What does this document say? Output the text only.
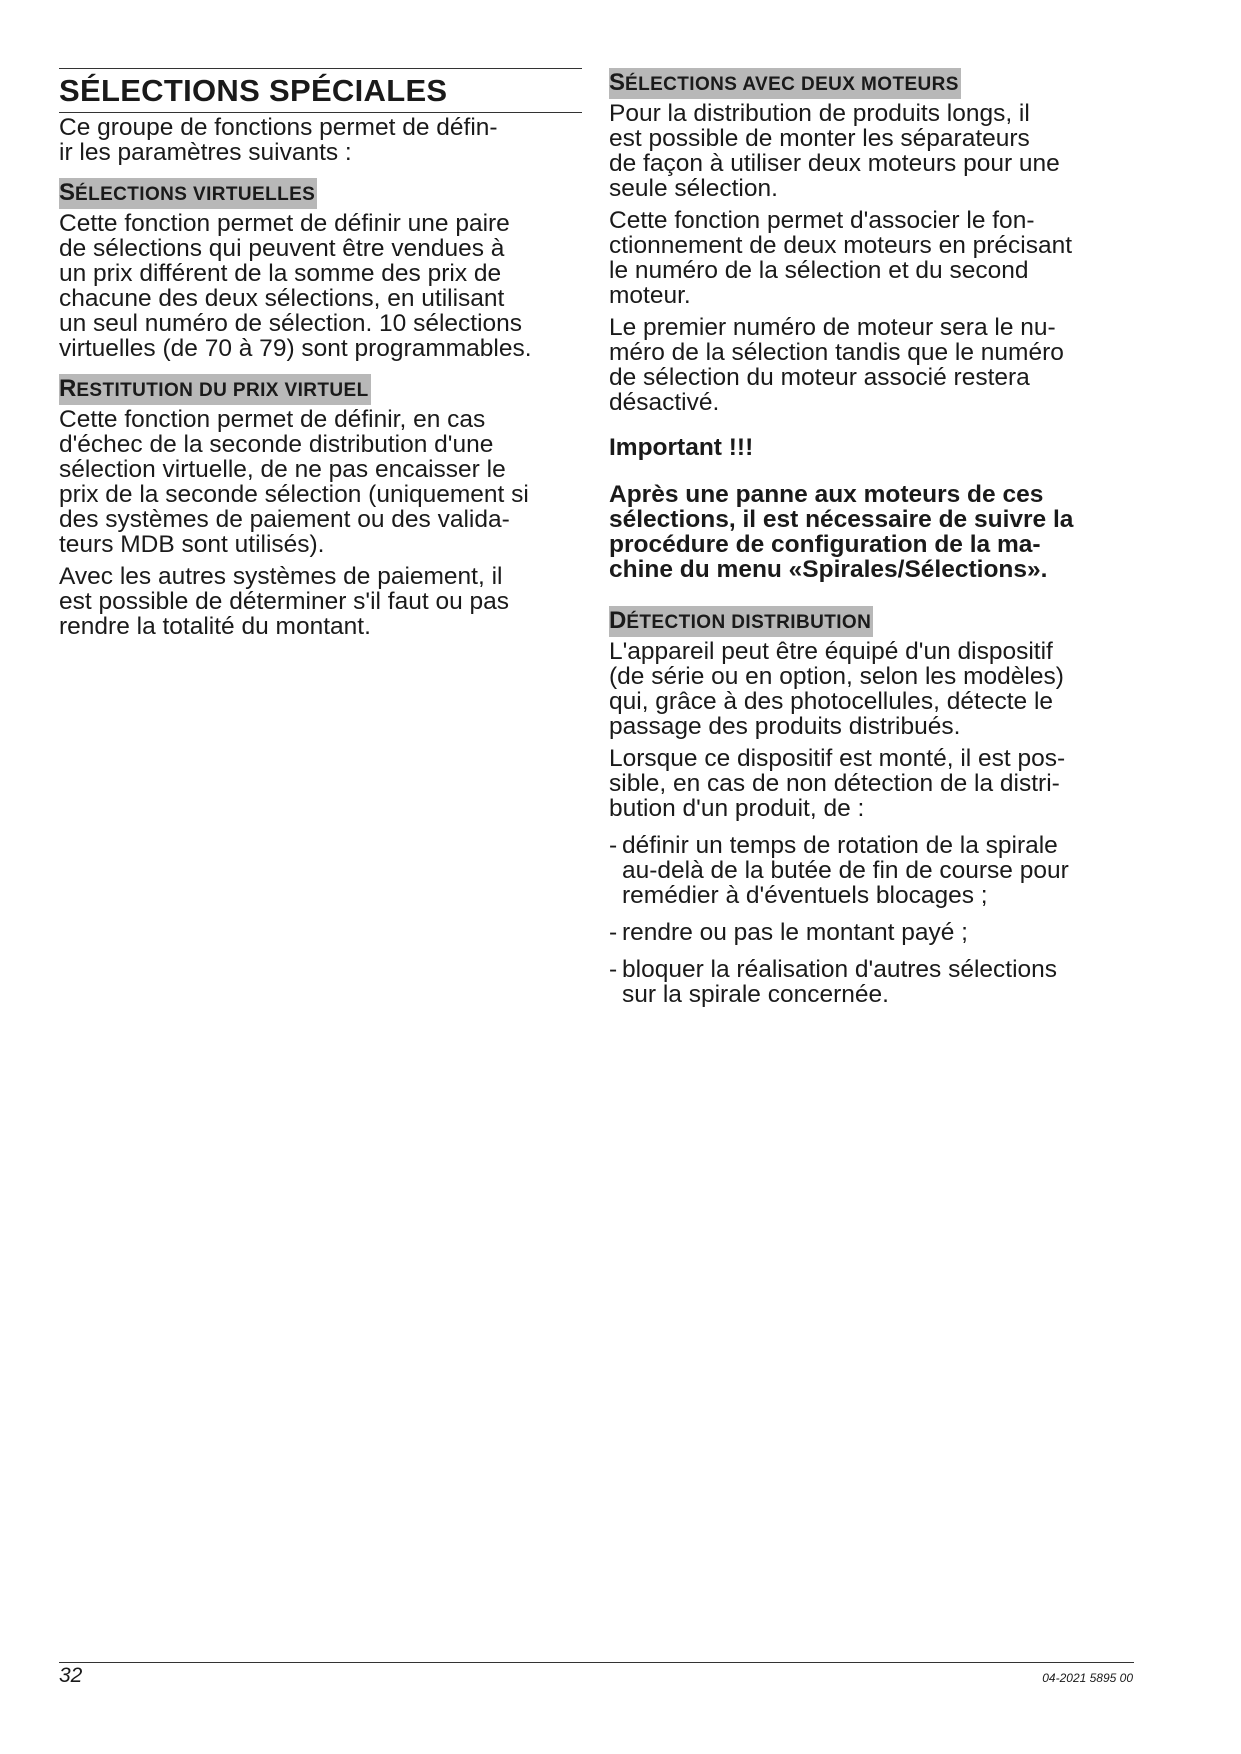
SÉLECTIONS SPÉCIALES
Ce groupe de fonctions permet de défin-
ir les paramètres suivants :
SÉLECTIONS VIRTUELLES
Cette fonction permet de définir une paire
de sélections qui peuvent être vendues à
un prix différent de la somme des prix de
chacune des deux sélections, en utilisant
un seul numéro de sélection. 10 sélections
virtuelles (de 70 à 79) sont programmables.
RESTITUTION DU PRIX VIRTUEL
Cette fonction permet de définir, en cas
d'échec de la seconde distribution d'une
sélection virtuelle, de ne pas encaisser le
prix de la seconde sélection (uniquement si
des systèmes de paiement ou des valida-
teurs MDB sont utilisés).
Avec les autres systèmes de paiement, il
est possible de déterminer s'il faut ou pas
rendre la totalité du montant.
SÉLECTIONS AVEC DEUX MOTEURS
Pour la distribution de produits longs, il
est possible de monter les séparateurs
de façon à utiliser deux moteurs pour une
seule sélection.
Cette fonction permet d'associer le fon-
ctionnement de deux moteurs en précisant
le numéro de la sélection et du second
moteur.
Le premier numéro de moteur sera le nu-
méro de la sélection tandis que le numéro
de sélection du moteur associé restera
désactivé.
Important !!!
Après une panne aux moteurs de ces
sélections, il est nécessaire de suivre la
procédure de configuration de la ma-
chine du menu «Spirales/Sélections».
DÉTECTION DISTRIBUTION
L'appareil peut être équipé d'un dispositif
(de série ou en option, selon les modèles)
qui, grâce à des photocellules, détecte le
passage des produits distribués.
Lorsque ce dispositif est monté, il est pos-
sible, en cas de non détection de la distri-
bution d'un produit, de :
- définir un temps de rotation de la spirale
au-delà de la butée de fin de course pour
remédier à d'éventuels blocages ;
- rendre ou pas le montant payé ;
- bloquer la réalisation d'autres sélections
sur la spirale concernée.
32	04-2021 5895 00
